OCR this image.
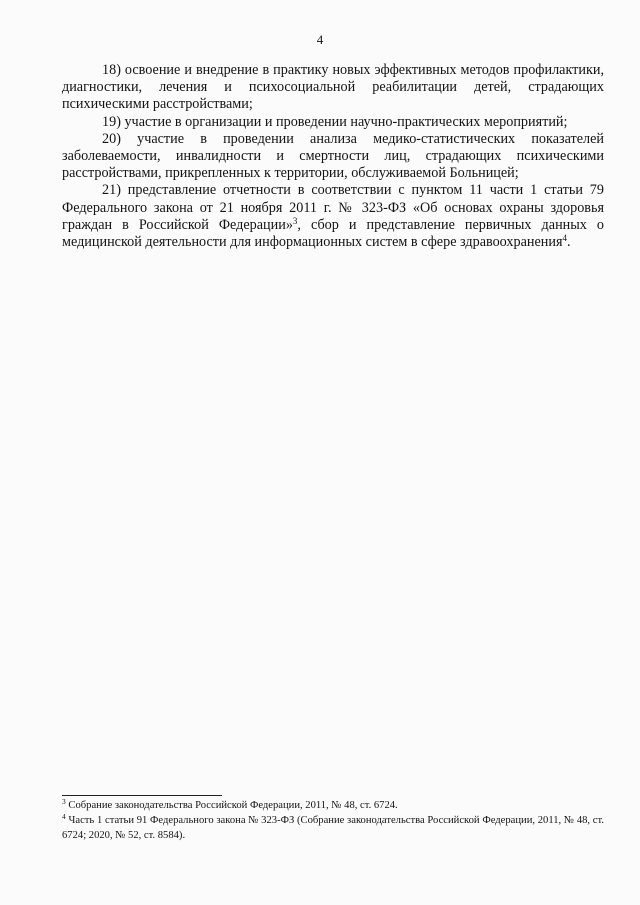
4

18) освоение и внедрение в практику новых эффективных методов профилактики, диагностики, лечения и психосоциальной реабилитации детей, страдающих психическими расстройствами;

19) участие в организации и проведении научно-практических мероприятий;

20) участие в проведении анализа медико-статистических показателей заболеваемости, инвалидности и смертности лиц, страдающих психическими расстройствами, прикрепленных к территории, обслуживаемой Больницей;

21) представление отчетности в соответствии с пунктом 11 части 1 статьи 79 Федерального закона от 21 ноября 2011 г. № 323-ФЗ «Об основах охраны здоровья граждан в Российской Федерации»$^3$, сбор и представление первичных данных о медицинской деятельности для информационных систем в сфере здравоохранения$^4$.

$^3$ Собрание законодательства Российской Федерации, 2011, № 48, ст. 6724.

$^4$ Часть 1 статьи 91 Федерального закона № 323-ФЗ (Собрание законодательства Российской Федерации, 2011, № 48, ст. 6724; 2020, № 52, ст. 8584).
